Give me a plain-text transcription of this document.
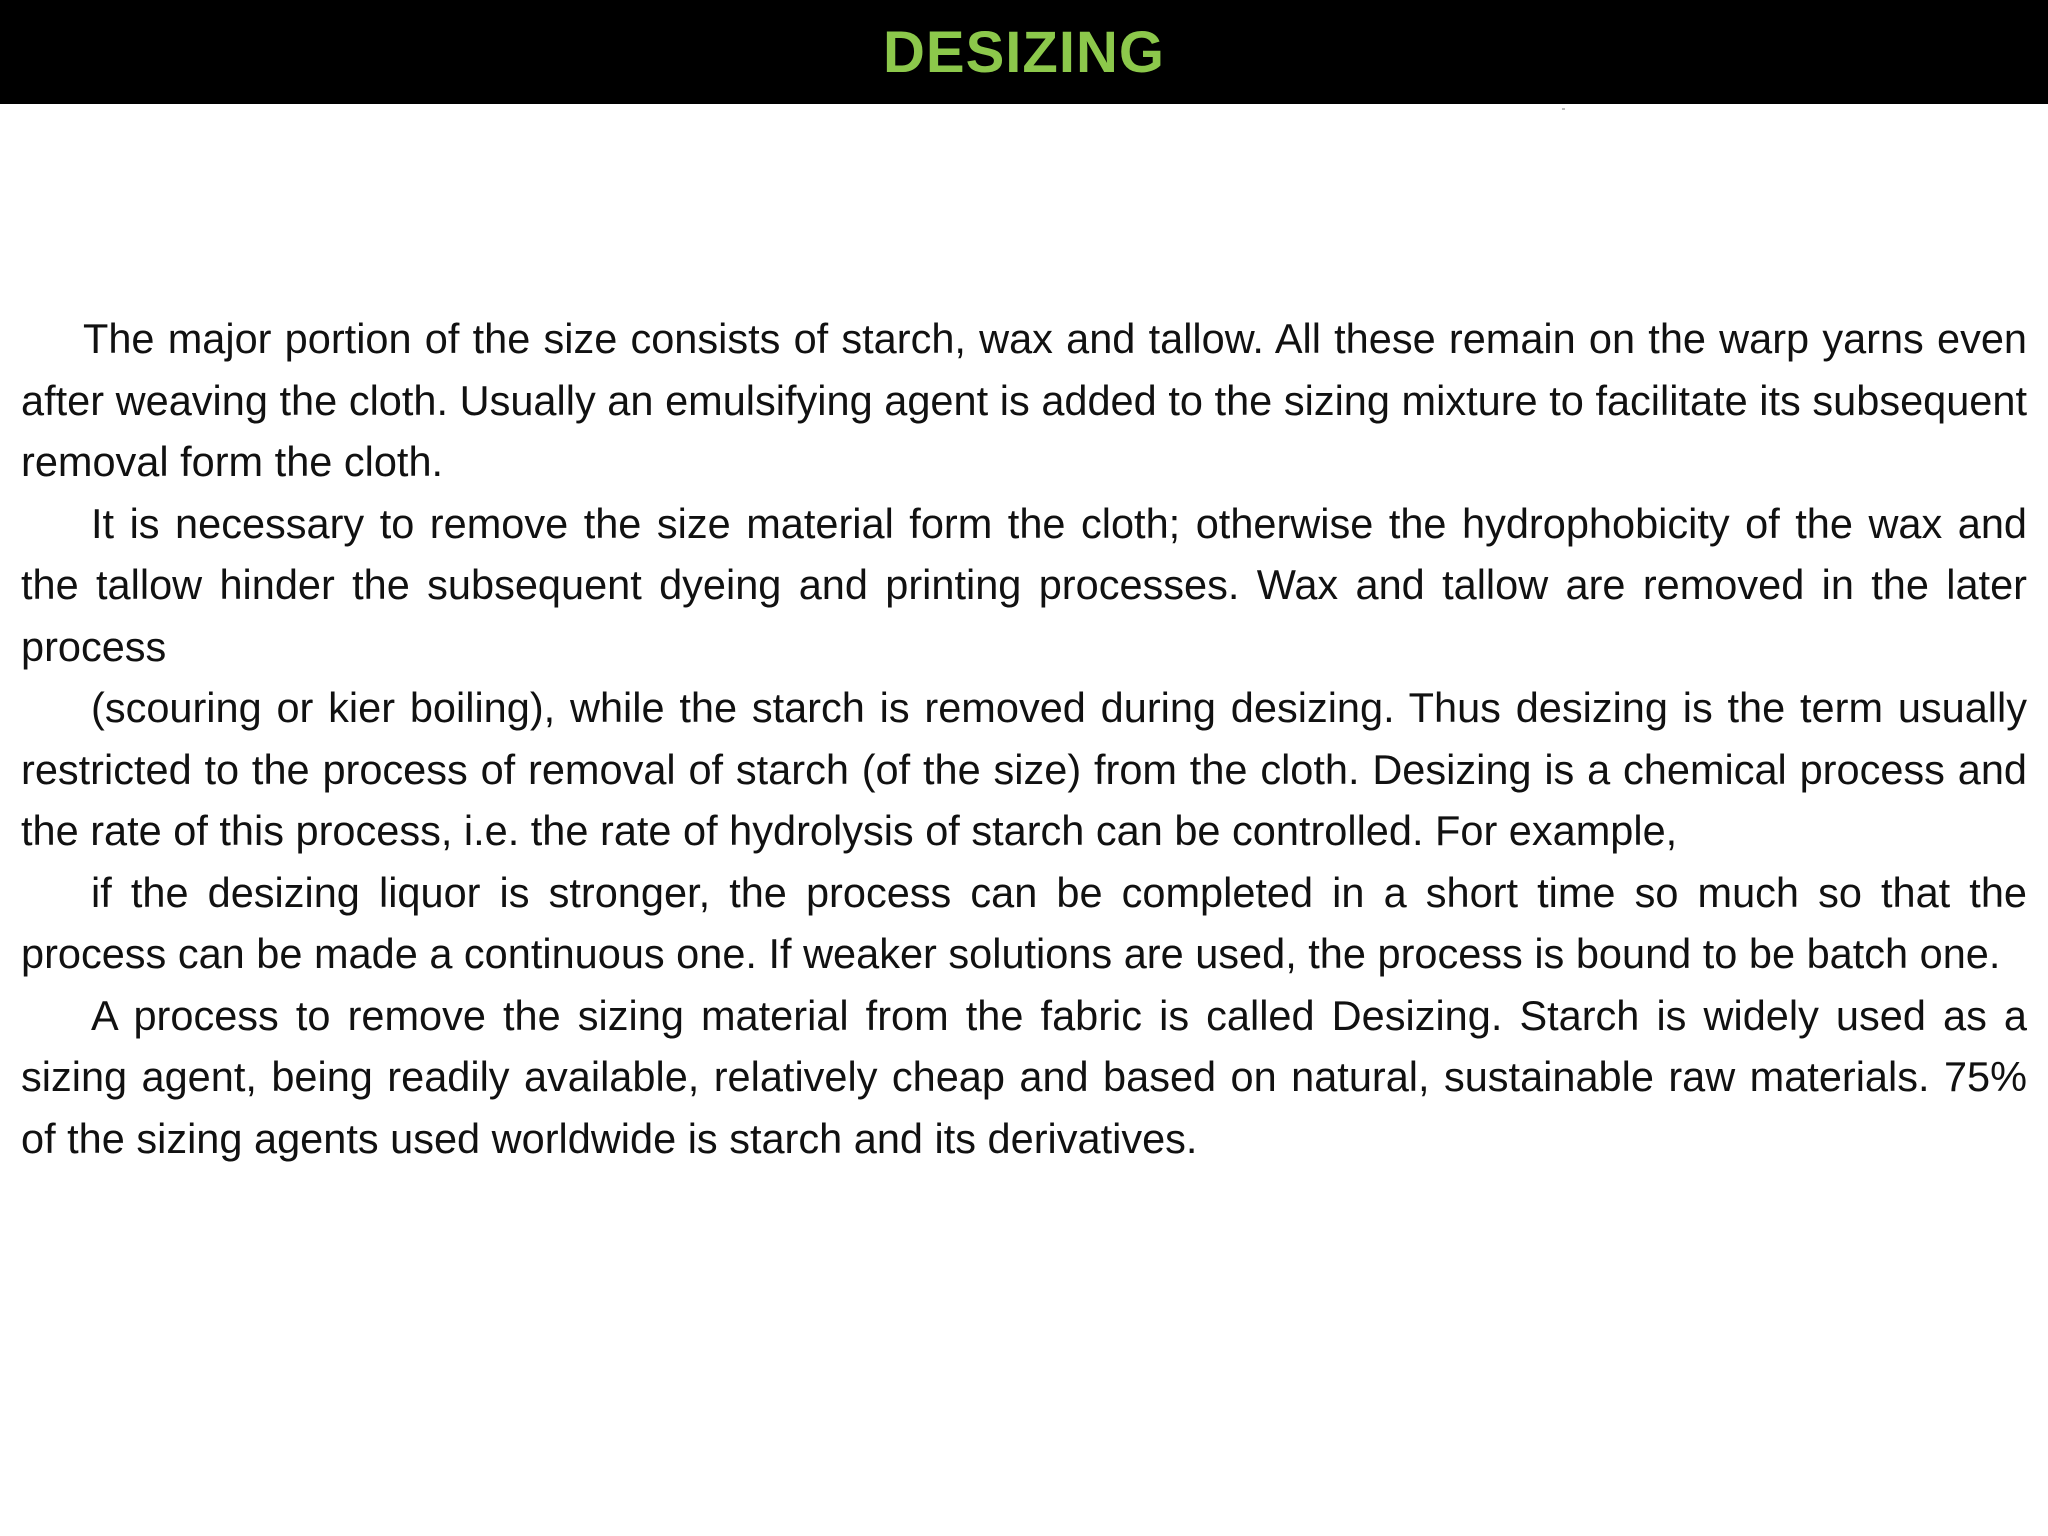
DESIZING

The major portion of the size consists of starch, wax and tallow. All these remain on the warp yarns even after weaving the cloth. Usually an emulsifying agent is added to the sizing mixture to facilitate its subsequent removal form the cloth.

It is necessary to remove the size material form the cloth; otherwise the hydrophobicity of the wax and the tallow hinder the subsequent dyeing and printing processes. Wax and tallow are removed in the later process

(scouring or kier boiling), while the starch is removed during desizing. Thus desizing is the term usually restricted to the process of removal of starch (of the size) from the cloth. Desizing is a chemical process and the rate of this process, i.e. the rate of hydrolysis of starch can be controlled. For example,

if the desizing liquor is stronger, the process can be completed in a short time so much so that the process can be made a continuous one. If weaker solutions are used, the process is bound to be batch one.

A process to remove the sizing material from the fabric is called Desizing. Starch is widely used as a sizing agent, being readily available, relatively cheap and based on natural, sustainable raw materials. 75% of the sizing agents used worldwide is starch and its derivatives.
